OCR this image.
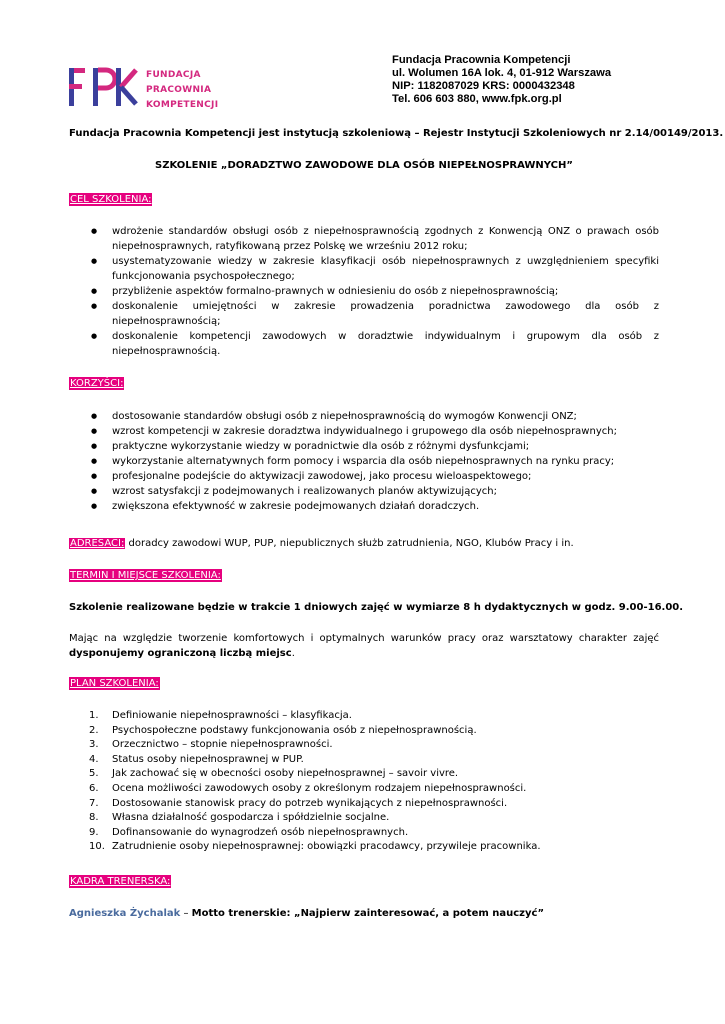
FUNDACJA
PRACOWNIA
KOMPETENCJI
Fundacja Pracownia Kompetencji
ul. Wolumen 16A lok. 4, 01-912 Warszawa
NIP: 1182087029 KRS: 0000432348
Tel. 606 603 880, www.fpk.org.pl
Fundacja Pracownia Kompetencji jest instytucją szkoleniową – Rejestr Instytucji Szkoleniowych nr 2.14/00149/2013.
SZKOLENIE „DORADZTWO ZAWODOWE DLA OSÓB NIEPEŁNOSPRAWNYCH”
CEL SZKOLENIA:
● wdrożenie standardów obsługi osób z niepełnosprawnością zgodnych z Konwencją ONZ o prawach osób niepełnosprawnych, ratyfikowaną przez Polskę we wrześniu 2012 roku;
● usystematyzowanie wiedzy w zakresie klasyfikacji osób niepełnosprawnych z uwzględnieniem specyfiki funkcjonowania psychospołecznego;
● przybliżenie aspektów formalno-prawnych w odniesieniu do osób z niepełnosprawnością;
● doskonalenie umiejętności w zakresie prowadzenia poradnictwa zawodowego dla osób z niepełnosprawnością;
● doskonalenie kompetencji zawodowych w doradztwie indywidualnym i grupowym dla osób z niepełnosprawnością.
KORZYŚCI:
● dostosowanie standardów obsługi osób z niepełnosprawnością do wymogów Konwencji ONZ;
● wzrost kompetencji w zakresie doradztwa indywidualnego i grupowego dla osób niepełnosprawnych;
● praktyczne wykorzystanie wiedzy w poradnictwie dla osób z różnymi dysfunkcjami;
● wykorzystanie alternatywnych form pomocy i wsparcia dla osób niepełnosprawnych na rynku pracy;
● profesjonalne podejście do aktywizacji zawodowej, jako procesu wieloaspektowego;
● wzrost satysfakcji z podejmowanych i realizowanych planów aktywizujących;
● zwiększona efektywność w zakresie podejmowanych działań doradczych.
ADRESACI: doradcy zawodowi WUP, PUP, niepublicznych służb zatrudnienia, NGO, Klubów Pracy i in.
TERMIN I MIEJSCE SZKOLENIA:
Szkolenie realizowane będzie w trakcie 1 dniowych zajęć w wymiarze 8 h dydaktycznych w godz. 9.00-16.00.
Mając na względzie tworzenie komfortowych i optymalnych warunków pracy oraz warsztatowy charakter zajęć dysponujemy ograniczoną liczbą miejsc.
PLAN SZKOLENIA:
1. Definiowanie niepełnosprawności – klasyfikacja.
2. Psychospołeczne podstawy funkcjonowania osób z niepełnosprawnością.
3. Orzecznictwo – stopnie niepełnosprawności.
4. Status osoby niepełnosprawnej w PUP.
5. Jak zachować się w obecności osoby niepełnosprawnej – savoir vivre.
6. Ocena możliwości zawodowych osoby z określonym rodzajem niepełnosprawności.
7. Dostosowanie stanowisk pracy do potrzeb wynikających z niepełnosprawności.
8. Własna działalność gospodarcza i spółdzielnie socjalne.
9. Dofinansowanie do wynagrodzeń osób niepełnosprawnych.
10. Zatrudnienie osoby niepełnosprawnej: obowiązki pracodawcy, przywileje pracownika.
KADRA TRENERSKA:
Agnieszka Żychalak – Motto trenerskie: „Najpierw zainteresować, a potem nauczyć”
